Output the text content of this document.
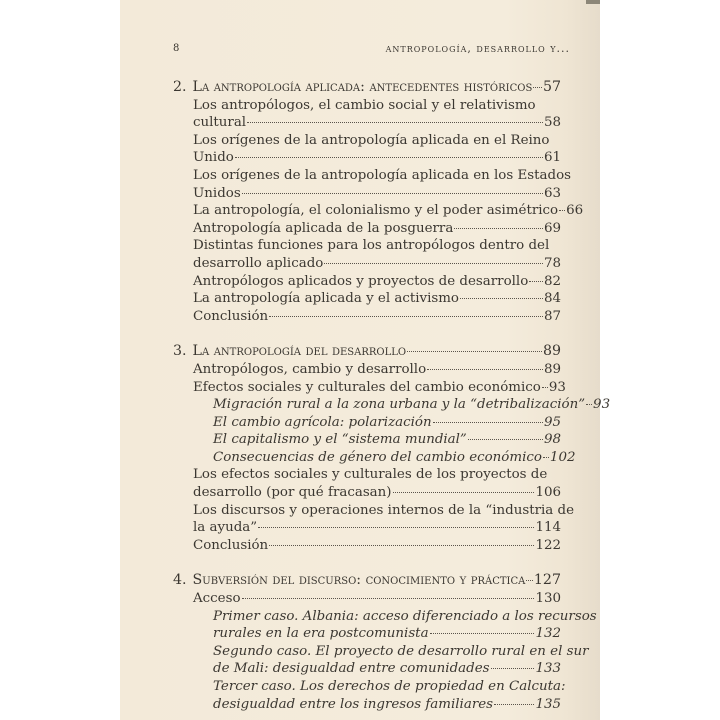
8	antropología, desarrollo y...
2. La antropología aplicada: antecedentes históricos 57
Los antropólogos, el cambio social y el relativismo
cultural	58
Los orígenes de la antropología aplicada en el Reino
Unido	61
Los orígenes de la antropología aplicada en los Estados
Unidos	63
La antropología, el colonialismo y el poder asimétrico 66
Antropología aplicada de la posguerra	69
Distintas funciones para los antropólogos dentro del
desarrollo aplicado	78
Antropólogos aplicados y proyectos de desarrollo 82
La antropología aplicada y el activismo	84
Conclusión	87
3. La antropología del desarrollo	89
Antropólogos, cambio y desarrollo	89
Efectos sociales y culturales del cambio económico 93
Migración rural a la zona urbana y la “detribalización” 93
El cambio agrícola: polarización	95
El capitalismo y el “sistema mundial”	98
Consecuencias de género del cambio económico 102
Los efectos sociales y culturales de los proyectos de
desarrollo (por qué fracasan)	106
Los discursos y operaciones internos de la “industria de
la ayuda”	114
Conclusión	122
4. Subversión del discurso: conocimiento y práctica 127
Acceso	130
Primer caso. Albania: acceso diferenciado a los recursos
rurales en la era postcomunista	132
Segundo caso. El proyecto de desarrollo rural en el sur
de Mali: desigualdad entre comunidades	133
Tercer caso. Los derechos de propiedad en Calcuta:
desigualdad entre los ingresos familiares	135
